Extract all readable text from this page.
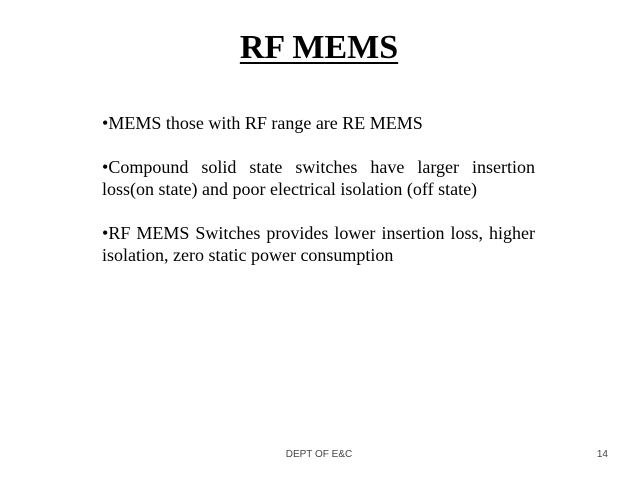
RF MEMS
•MEMS those with RF range are RE MEMS
•Compound solid state switches have larger insertion loss(on state) and poor electrical isolation (off state)
•RF MEMS Switches provides lower insertion loss, higher isolation, zero static power consumption
DEPT OF E&C	14
